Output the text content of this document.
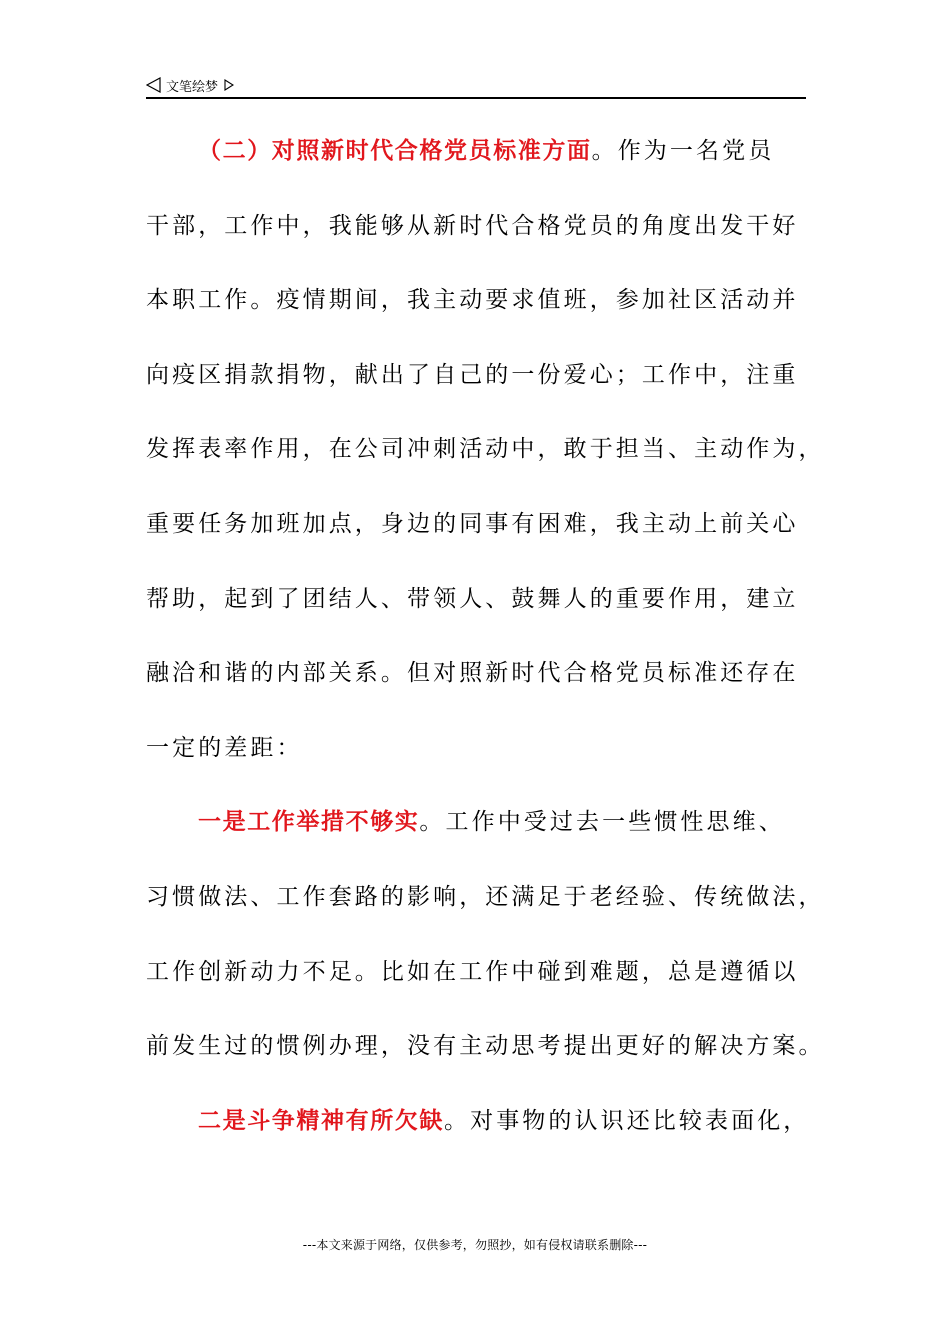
文笔绘梦
（二）对照新时代合格党员标准方面。作为一名党员
干部，工作中，我能够从新时代合格党员的角度出发干好
本职工作。疫情期间，我主动要求值班，参加社区活动并
向疫区捐款捐物，献出了自己的一份爱心；工作中，注重
发挥表率作用，在公司冲刺活动中，敢于担当、主动作为，
重要任务加班加点，身边的同事有困难，我主动上前关心
帮助，起到了团结人、带领人、鼓舞人的重要作用，建立
融洽和谐的内部关系。但对照新时代合格党员标准还存在
一定的差距：
一是工作举措不够实。工作中受过去一些惯性思维、
习惯做法、工作套路的影响，还满足于老经验、传统做法，
工作创新动力不足。比如在工作中碰到难题，总是遵循以
前发生过的惯例办理，没有主动思考提出更好的解决方案。
二是斗争精神有所欠缺。对事物的认识还比较表面化，
---本文来源于网络，仅供参考，勿照抄，如有侵权请联系删除---
